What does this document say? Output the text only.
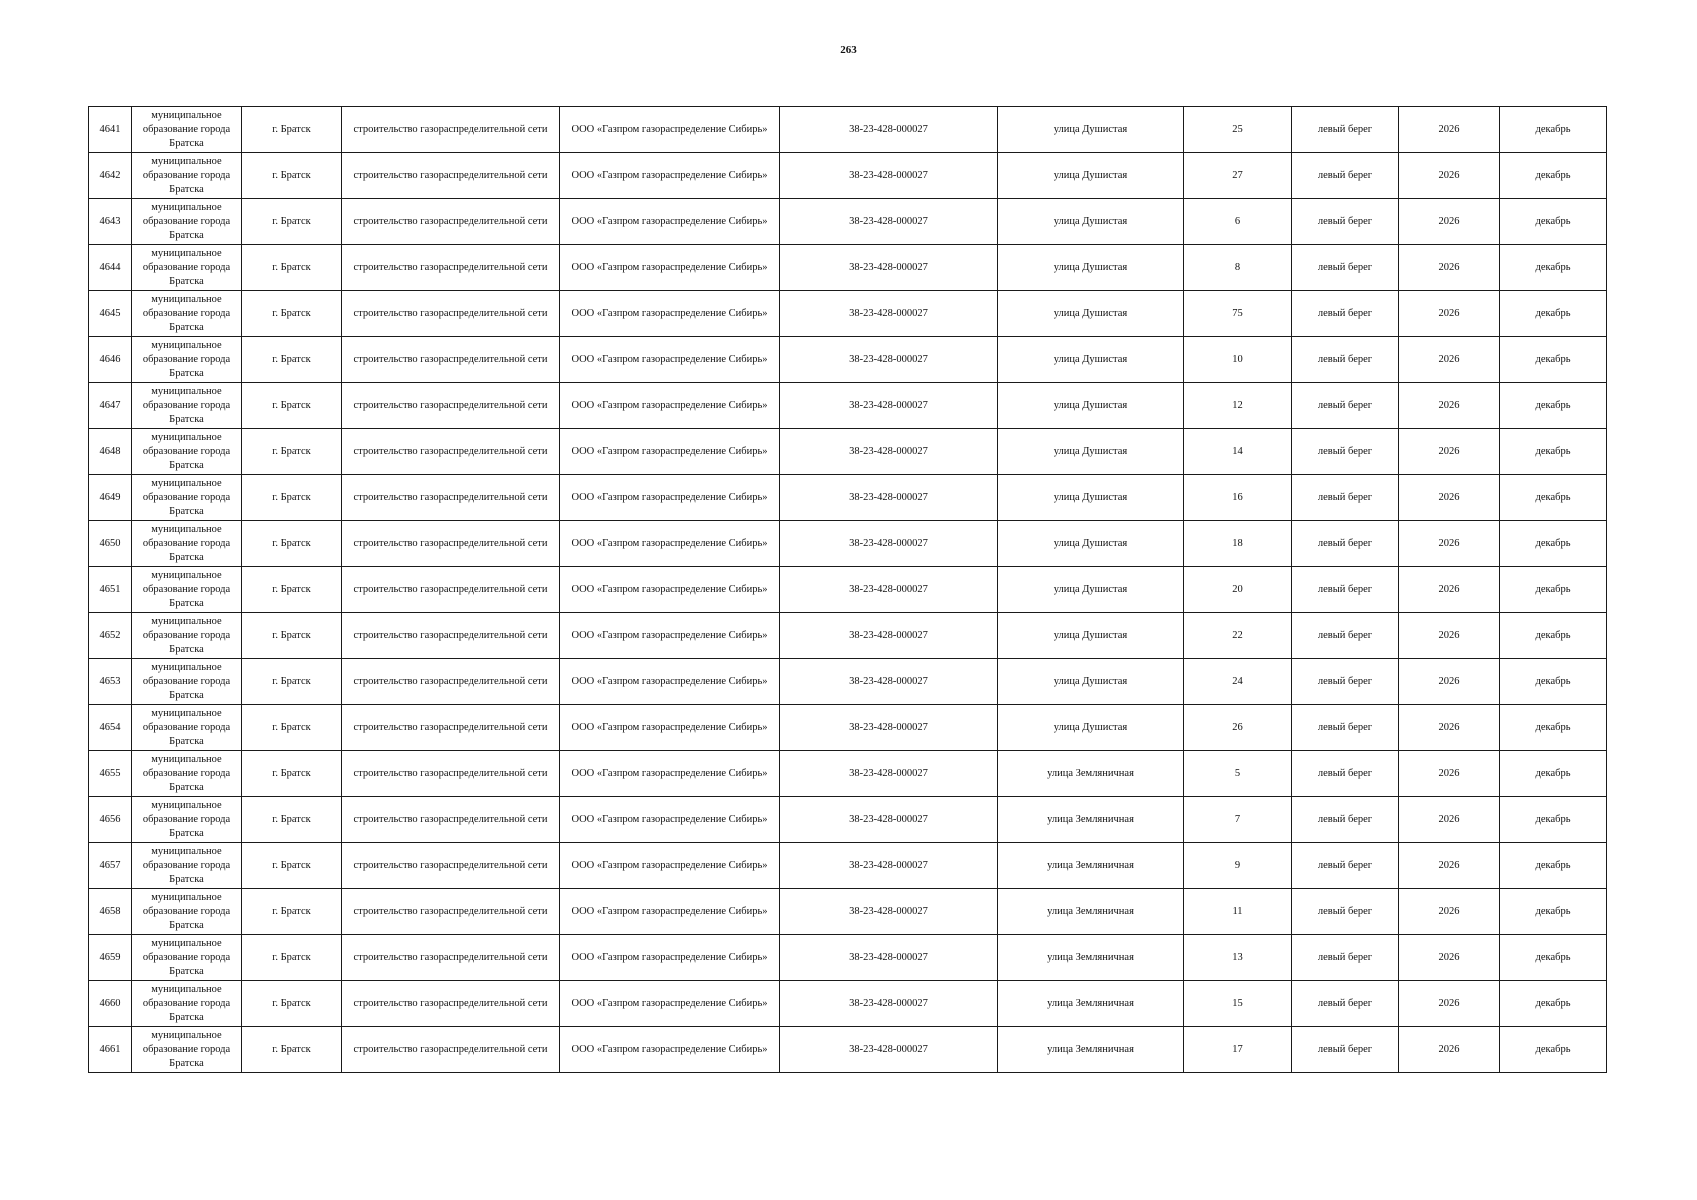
263
4641	муниципальное образование города Братска	г. Братск	строительство газораспределительной сети	ООО «Газпром газораспределение Сибирь»	38-23-428-000027	улица Душистая	25	левый берег	2026	декабрь
4642	муниципальное образование города Братска	г. Братск	строительство газораспределительной сети	ООО «Газпром газораспределение Сибирь»	38-23-428-000027	улица Душистая	27	левый берег	2026	декабрь
4643	муниципальное образование города Братска	г. Братск	строительство газораспределительной сети	ООО «Газпром газораспределение Сибирь»	38-23-428-000027	улица Душистая	6	левый берег	2026	декабрь
4644	муниципальное образование города Братска	г. Братск	строительство газораспределительной сети	ООО «Газпром газораспределение Сибирь»	38-23-428-000027	улица Душистая	8	левый берег	2026	декабрь
4645	муниципальное образование города Братска	г. Братск	строительство газораспределительной сети	ООО «Газпром газораспределение Сибирь»	38-23-428-000027	улица Душистая	75	левый берег	2026	декабрь
4646	муниципальное образование города Братска	г. Братск	строительство газораспределительной сети	ООО «Газпром газораспределение Сибирь»	38-23-428-000027	улица Душистая	10	левый берег	2026	декабрь
4647	муниципальное образование города Братска	г. Братск	строительство газораспределительной сети	ООО «Газпром газораспределение Сибирь»	38-23-428-000027	улица Душистая	12	левый берег	2026	декабрь
4648	муниципальное образование города Братска	г. Братск	строительство газораспределительной сети	ООО «Газпром газораспределение Сибирь»	38-23-428-000027	улица Душистая	14	левый берег	2026	декабрь
4649	муниципальное образование города Братска	г. Братск	строительство газораспределительной сети	ООО «Газпром газораспределение Сибирь»	38-23-428-000027	улица Душистая	16	левый берег	2026	декабрь
4650	муниципальное образование города Братска	г. Братск	строительство газораспределительной сети	ООО «Газпром газораспределение Сибирь»	38-23-428-000027	улица Душистая	18	левый берег	2026	декабрь
4651	муниципальное образование города Братска	г. Братск	строительство газораспределительной сети	ООО «Газпром газораспределение Сибирь»	38-23-428-000027	улица Душистая	20	левый берег	2026	декабрь
4652	муниципальное образование города Братска	г. Братск	строительство газораспределительной сети	ООО «Газпром газораспределение Сибирь»	38-23-428-000027	улица Душистая	22	левый берег	2026	декабрь
4653	муниципальное образование города Братска	г. Братск	строительство газораспределительной сети	ООО «Газпром газораспределение Сибирь»	38-23-428-000027	улица Душистая	24	левый берег	2026	декабрь
4654	муниципальное образование города Братска	г. Братск	строительство газораспределительной сети	ООО «Газпром газораспределение Сибирь»	38-23-428-000027	улица Душистая	26	левый берег	2026	декабрь
4655	муниципальное образование города Братска	г. Братск	строительство газораспределительной сети	ООО «Газпром газораспределение Сибирь»	38-23-428-000027	улица Земляничная	5	левый берег	2026	декабрь
4656	муниципальное образование города Братска	г. Братск	строительство газораспределительной сети	ООО «Газпром газораспределение Сибирь»	38-23-428-000027	улица Земляничная	7	левый берег	2026	декабрь
4657	муниципальное образование города Братска	г. Братск	строительство газораспределительной сети	ООО «Газпром газораспределение Сибирь»	38-23-428-000027	улица Земляничная	9	левый берег	2026	декабрь
4658	муниципальное образование города Братска	г. Братск	строительство газораспределительной сети	ООО «Газпром газораспределение Сибирь»	38-23-428-000027	улица Земляничная	11	левый берег	2026	декабрь
4659	муниципальное образование города Братска	г. Братск	строительство газораспределительной сети	ООО «Газпром газораспределение Сибирь»	38-23-428-000027	улица Земляничная	13	левый берег	2026	декабрь
4660	муниципальное образование города Братска	г. Братск	строительство газораспределительной сети	ООО «Газпром газораспределение Сибирь»	38-23-428-000027	улица Земляничная	15	левый берег	2026	декабрь
4661	муниципальное образование города Братска	г. Братск	строительство газораспределительной сети	ООО «Газпром газораспределение Сибирь»	38-23-428-000027	улица Земляничная	17	левый берег	2026	декабрь
